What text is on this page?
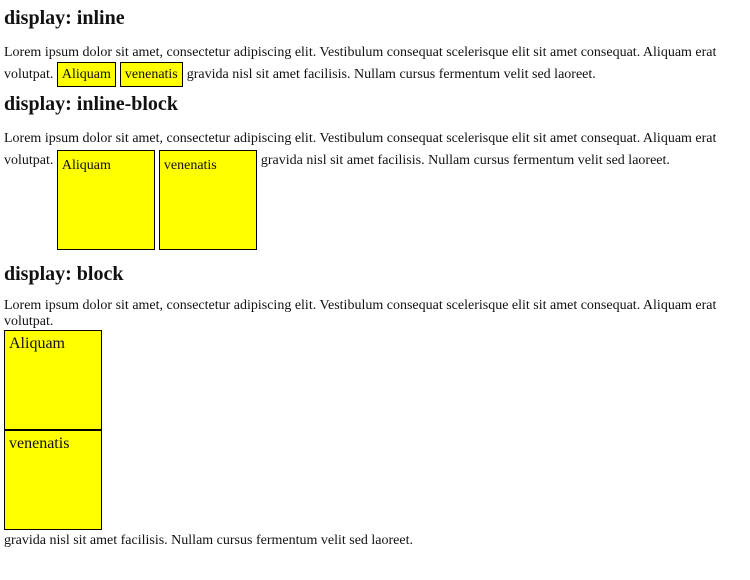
display: inline

Lorem ipsum dolor sit amet, consectetur adipiscing elit. Vestibulum consequat scelerisque elit sit amet consequat. Aliquam erat volutpat. Aliquam venenatis gravida nisl sit amet facilisis. Nullam cursus fermentum velit sed laoreet.

display: inline-block

Lorem ipsum dolor sit amet, consectetur adipiscing elit. Vestibulum consequat scelerisque elit sit amet consequat. Aliquam erat volutpat. Aliquam	venenatis	gravida nisl sit amet facilisis. Nullam cursus fermentum velit sed laoreet.

display: block

Lorem ipsum dolor sit amet, consectetur adipiscing elit. Vestibulum consequat scelerisque elit sit amet consequat. Aliquam erat volutpat.

Aliquam
venenatis

gravida nisl sit amet facilisis. Nullam cursus fermentum velit sed laoreet.
